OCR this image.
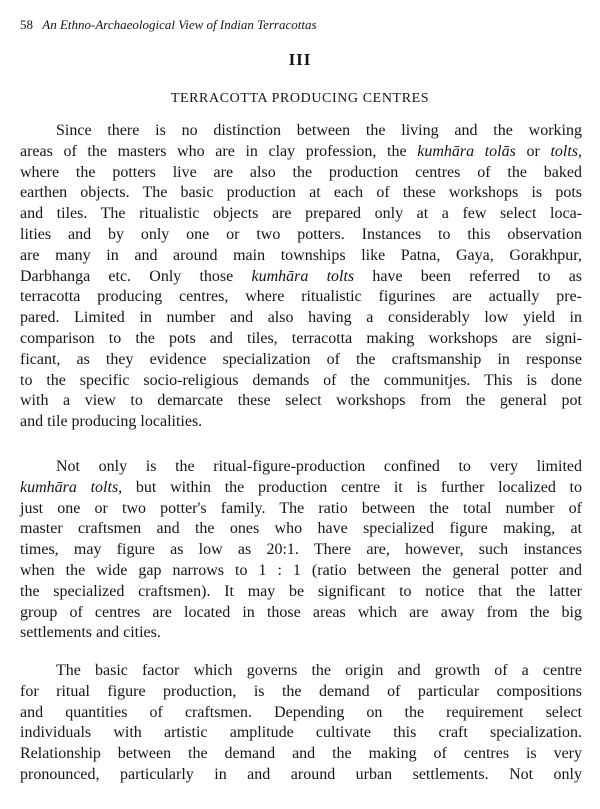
58 An Ethno-Archaeological View of Indian Terracottas
III
TERRACOTTA PRODUCING CENTRES
Since there is no distinction between the living and the working
areas of the masters who are in clay profession, the kumhāra tolās or tolts,
where the potters live are also the production centres of the baked
earthen objects. The basic production at each of these workshops is pots
and tiles. The ritualistic objects are prepared only at a few select loca-
lities and by only one or two potters. Instances to this observation
are many in and around main townships like Patna, Gaya, Gorakhpur,
Darbhanga etc. Only those kumhāra tolts have been referred to as
terracotta producing centres, where ritualistic figurines are actually pre-
pared. Limited in number and also having a considerably low yield in
comparison to the pots and tiles, terracotta making workshops are signi-
ficant, as they evidence specialization of the craftsmanship in response
to the specific socio-religious demands of the communitjes. This is done
with a view to demarcate these select workshops from the general pot
and tile producing localities.
Not only is the ritual-figure-production confined to very limited
kumhāra tolts, but within the production centre it is further localized to
just one or two potter's family. The ratio between the total number of
master craftsmen and the ones who have specialized figure making, at
times, may figure as low as 20:1. There are, however, such instances
when the wide gap narrows to 1 : 1 (ratio between the general potter and
the specialized craftsmen). It may be significant to notice that the latter
group of centres are located in those areas which are away from the big
settlements and cities.
The basic factor which governs the origin and growth of a centre
for ritual figure production, is the demand of particular compositions
and quantities of craftsmen. Depending on the requirement select
individuals with artistic amplitude cultivate this craft specialization.
Relationship between the demand and the making of centres is very
pronounced, particularly in and around urban settlements. Not only
